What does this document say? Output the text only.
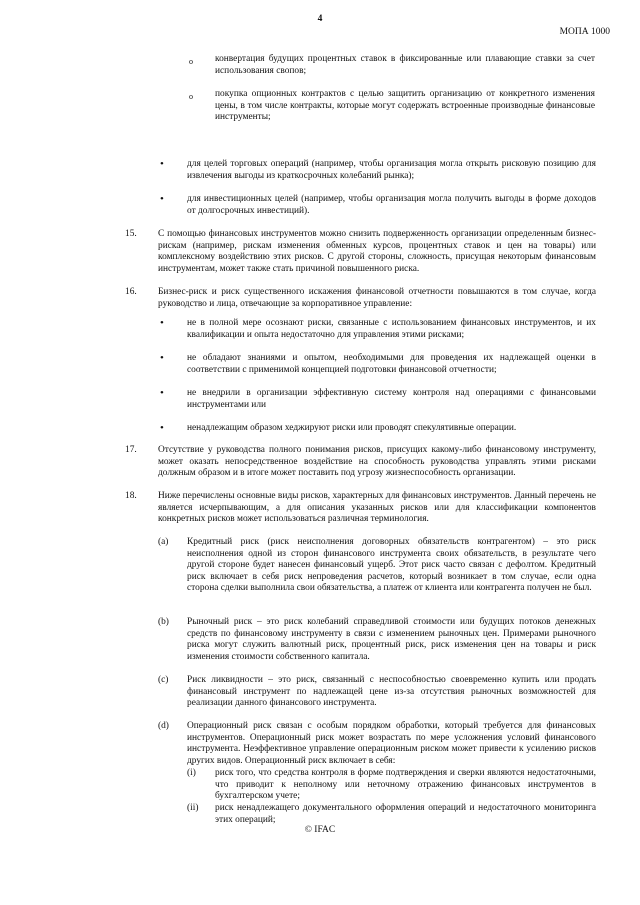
4
МОПА 1000
o конвертация будущих процентных ставок в фиксированные или плавающие ставки за счет использования свопов;
o покупка опционных контрактов с целью защитить организацию от конкретного изменения цены, в том числе контракты, которые могут содержать встроенные производные финансовые инструменты;
• для целей торговых операций (например, чтобы организация могла открыть рисковую позицию для извлечения выгоды из краткосрочных колебаний рынка);
• для инвестиционных целей (например, чтобы организация могла получить выгоды в форме доходов от долгосрочных инвестиций).
15. С помощью финансовых инструментов можно снизить подверженность организации определенным бизнес-рискам (например, рискам изменения обменных курсов, процентных ставок и цен на товары) или комплексному воздействию этих рисков. С другой стороны, сложность, присущая некоторым финансовым инструментам, может также стать причиной повышенного риска.
16. Бизнес-риск и риск существенного искажения финансовой отчетности повышаются в том случае, когда руководство и лица, отвечающие за корпоративное управление:
• не в полной мере осознают риски, связанные с использованием финансовых инструментов, и их квалификации и опыта недостаточно для управления этими рисками;
• не обладают знаниями и опытом, необходимыми для проведения их надлежащей оценки в соответствии с применимой концепцией подготовки финансовой отчетности;
• не внедрили в организации эффективную систему контроля над операциями с финансовыми инструментами или
• ненадлежащим образом хеджируют риски или проводят спекулятивные операции.
17. Отсутствие у руководства полного понимания рисков, присущих какому-либо финансовому инструменту, может оказать непосредственное воздействие на способность руководства управлять этими рисками должным образом и в итоге может поставить под угрозу жизнеспособность организации.
18. Ниже перечислены основные виды рисков, характерных для финансовых инструментов. Данный перечень не является исчерпывающим, а для описания указанных рисков или для классификации компонентов конкретных рисков может использоваться различная терминология.
(a) Кредитный риск (риск неисполнения договорных обязательств контрагентом) – это риск неисполнения одной из сторон финансового инструмента своих обязательств, в результате чего другой стороне будет нанесен финансовый ущерб. Этот риск часто связан с дефолтом. Кредитный риск включает в себя риск непроведения расчетов, который возникает в том случае, если одна сторона сделки выполнила свои обязательства, а платеж от клиента или контрагента получен не был.
(b) Рыночный риск – это риск колебаний справедливой стоимости или будущих потоков денежных средств по финансовому инструменту в связи с изменением рыночных цен. Примерами рыночного риска могут служить валютный риск, процентный риск, риск изменения цен на товары и риск изменения стоимости собственного капитала.
(c) Риск ликвидности – это риск, связанный с неспособностью своевременно купить или продать финансовый инструмент по надлежащей цене из-за отсутствия рыночных возможностей для реализации данного финансового инструмента.
(d) Операционный риск связан с особым порядком обработки, который требуется для финансовых инструментов. Операционный риск может возрастать по мере усложнения условий финансового инструмента. Неэффективное управление операционным риском может привести к усилению рисков других видов. Операционный риск включает в себя:
(i) риск того, что средства контроля в форме подтверждения и сверки являются недостаточными, что приводит к неполному или неточному отражению финансовых инструментов в бухгалтерском учете;
(ii) риск ненадлежащего документального оформления операций и недостаточного мониторинга этих операций;
© IFAC
